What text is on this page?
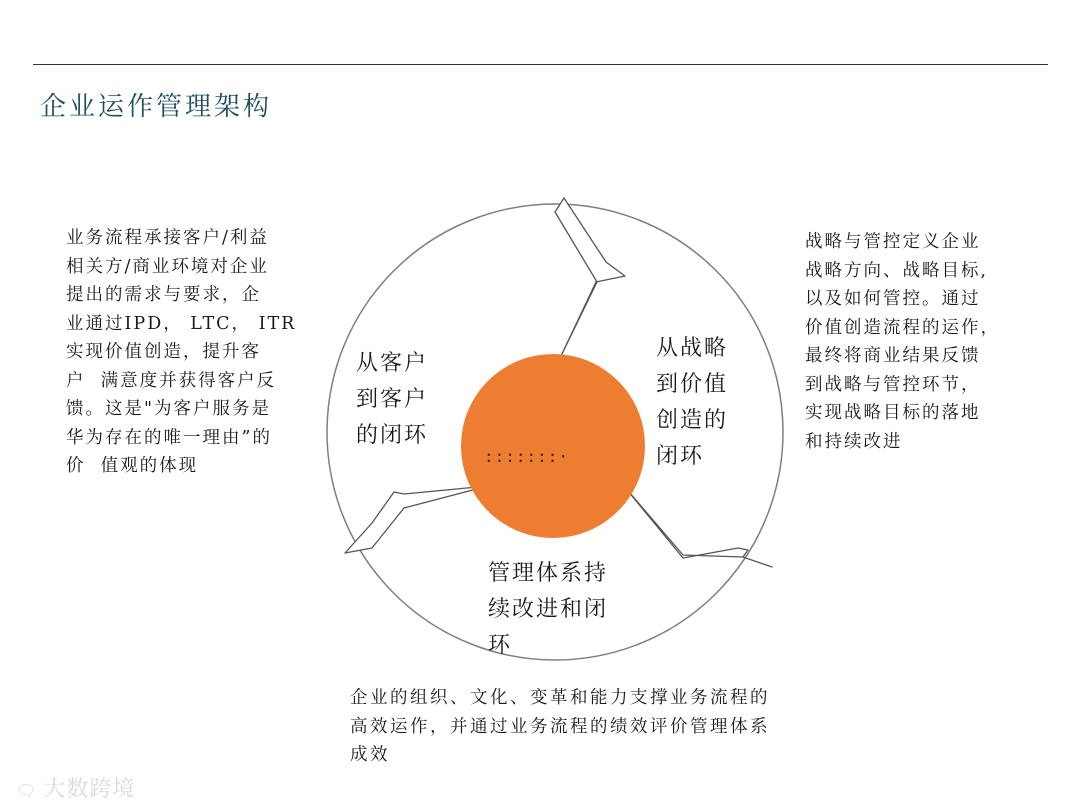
企业运作管理架构
业务流程承接客户/利益
相关方/商业环境对企业
提出的需求与要求，企
业通过IPD， LTC， ITR
实现价值创造，提升客
户  满意度并获得客户反
馈。这是"为客户服务是
华为存在的唯一理由”的
价  值观的体现
战略与管控定义企业
战略方向、战略目标,
以及如何管控。通过
价值创造流程的运作，
最终将商业结果反馈
到战略与管控环节，
实现战略目标的落地
和持续改进
企业的组织、文化、变革和能力支撑业务流程的
高效运作，并通过业务流程的绩效评价管理体系
成效
:::::::·
从客户
到客户
的闭环
从战略
到价值
创造的
闭环
管理体系持
续改进和闭
环
🗨 大数跨境
